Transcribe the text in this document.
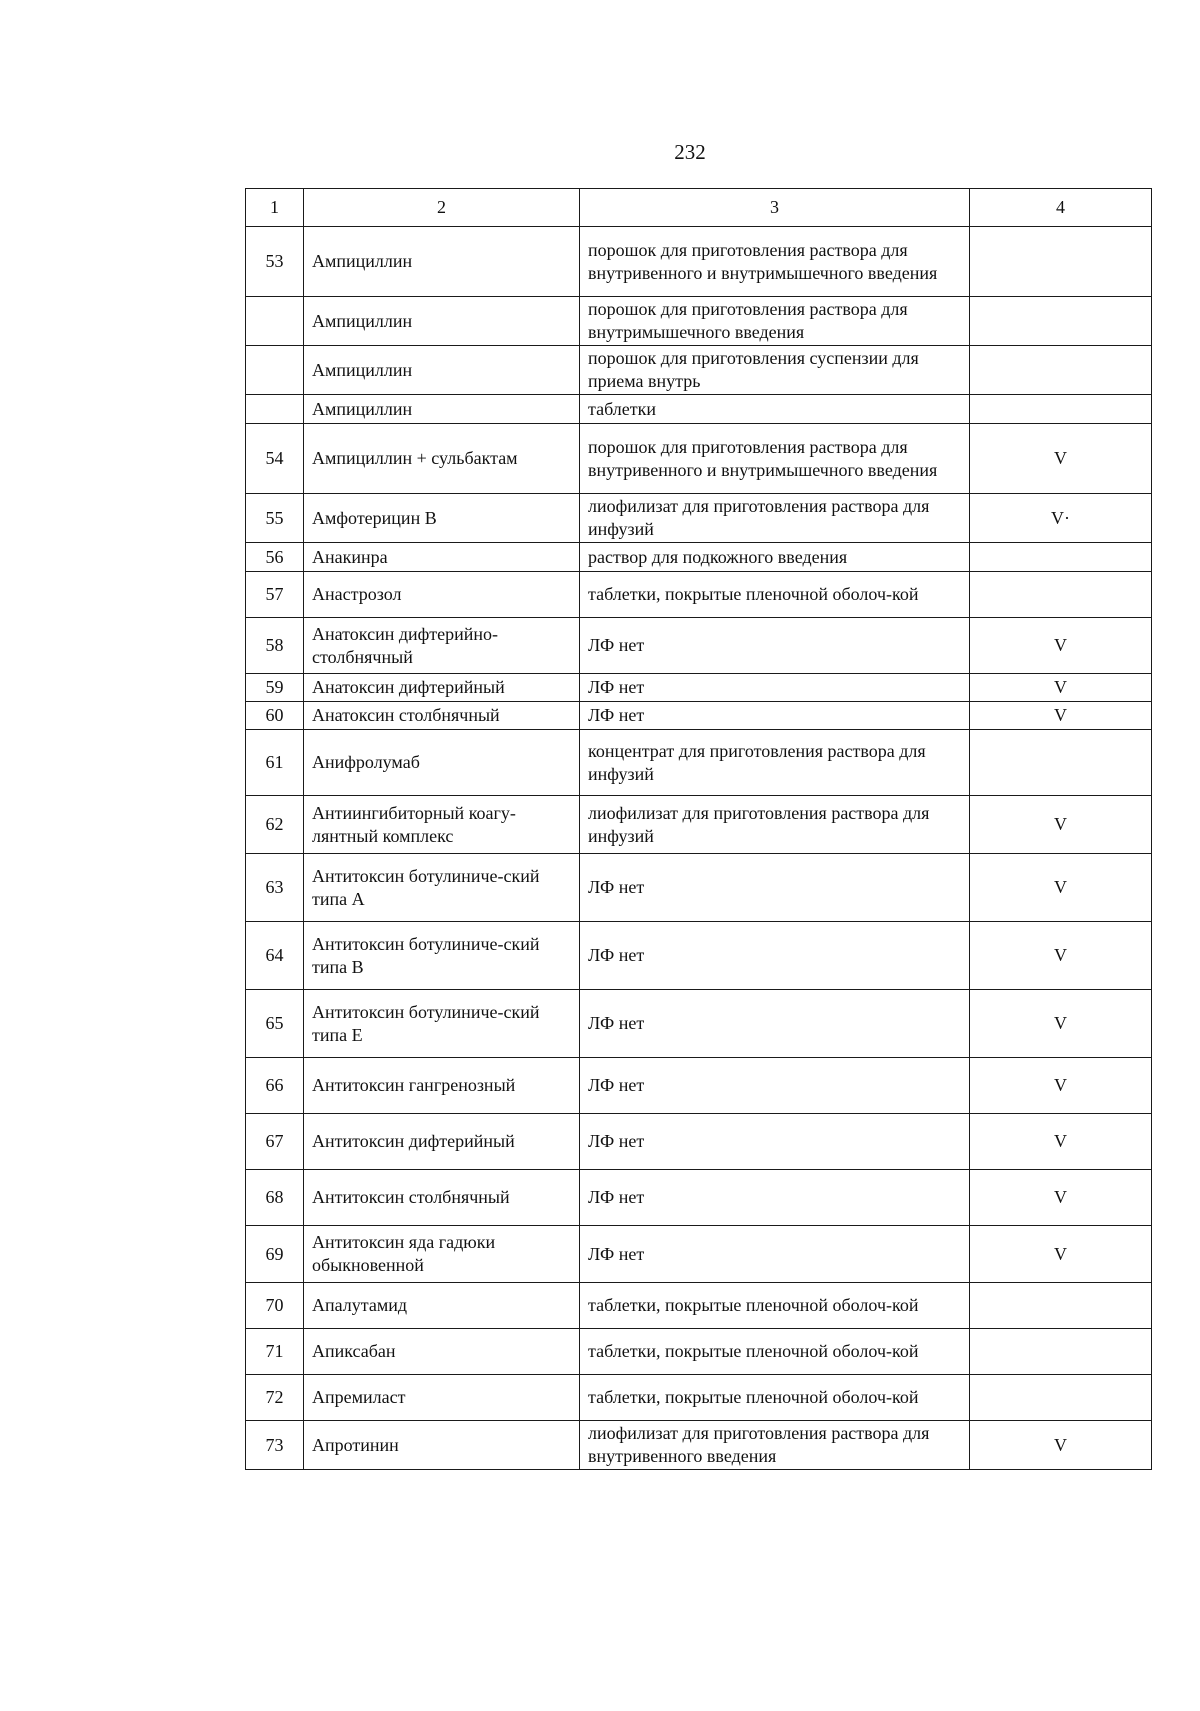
232
1	2	3	4
53	Ампициллин	порошок для приготовления раствора для внутривенного и внутримышечного введения	
	Ампициллин	порошок для приготовления раствора для внутримышечного введения	
	Ампициллин	порошок для приготовления суспензии для приема внутрь	
	Ампициллин	таблетки	
54	Ампициллин + сульбактам	порошок для приготовления раствора для внутривенного и внутримышечного введения	V
55	Амфотерицин В	лиофилизат для приготовления раствора для инфузий	V·
56	Анакинра	раствор для подкожного введения	
57	Анастрозол	таблетки, покрытые пленочной оболоч-кой	
58	Анатоксин дифтерийно-столбнячный	ЛФ нет	V
59	Анатоксин дифтерийный	ЛФ нет	V
60	Анатоксин столбнячный	ЛФ нет	V
61	Анифролумаб	концентрат для приготовления раствора для инфузий	
62	Антиингибиторный коагу-лянтный комплекс	лиофилизат для приготовления раствора для инфузий	V
63	Антитоксин ботулиниче-ский типа А	ЛФ нет	V
64	Антитоксин ботулиниче-ский типа В	ЛФ нет	V
65	Антитоксин ботулиниче-ский типа Е	ЛФ нет	V
66	Антитоксин гангренозный	ЛФ нет	V
67	Антитоксин дифтерийный	ЛФ нет	V
68	Антитоксин столбнячный	ЛФ нет	V
69	Антитоксин яда гадюки обыкновенной	ЛФ нет	V
70	Апалутамид	таблетки, покрытые пленочной оболоч-кой	
71	Апиксабан	таблетки, покрытые пленочной оболоч-кой	
72	Апремиласт	таблетки, покрытые пленочной оболоч-кой	
73	Апротинин	лиофилизат для приготовления раствора для внутривенного введения	V
